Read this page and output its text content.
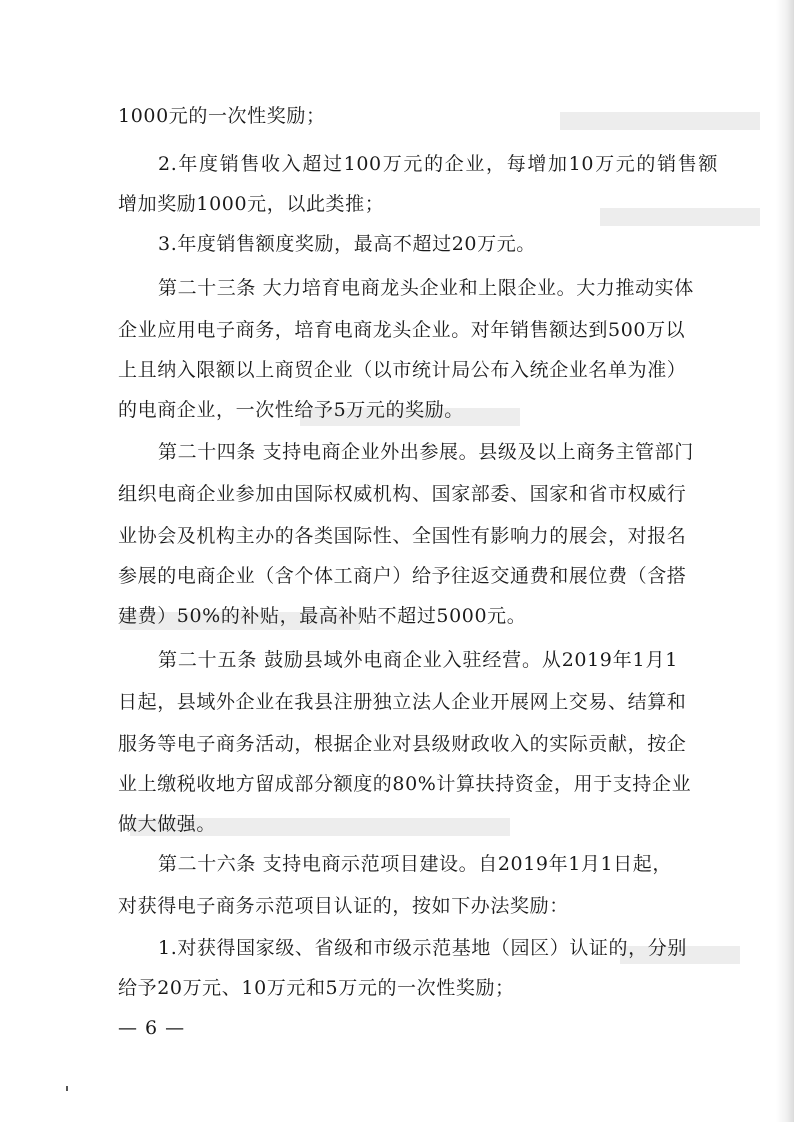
1000元的一次性奖励；
2.年度销售收入超过100万元的企业，每增加10万元的销售额
增加奖励1000元，以此类推；
3.年度销售额度奖励，最高不超过20万元。
第二十三条 大力培育电商龙头企业和上限企业。大力推动实体
企业应用电子商务，培育电商龙头企业。对年销售额达到500万以
上且纳入限额以上商贸企业（以市统计局公布入统企业名单为准）
的电商企业，一次性给予5万元的奖励。
第二十四条 支持电商企业外出参展。县级及以上商务主管部门
组织电商企业参加由国际权威机构、国家部委、国家和省市权威行
业协会及机构主办的各类国际性、全国性有影响力的展会，对报名
参展的电商企业（含个体工商户）给予往返交通费和展位费（含搭
建费）50%的补贴，最高补贴不超过5000元。
第二十五条 鼓励县域外电商企业入驻经营。从2019年1月1
日起，县域外企业在我县注册独立法人企业开展网上交易、结算和
服务等电子商务活动，根据企业对县级财政收入的实际贡献，按企
业上缴税收地方留成部分额度的80%计算扶持资金，用于支持企业
做大做强。
第二十六条 支持电商示范项目建设。自2019年1月1日起，
对获得电子商务示范项目认证的，按如下办法奖励：
1.对获得国家级、省级和市级示范基地（园区）认证的，分别
给予20万元、10万元和5万元的一次性奖励；
— 6 —
